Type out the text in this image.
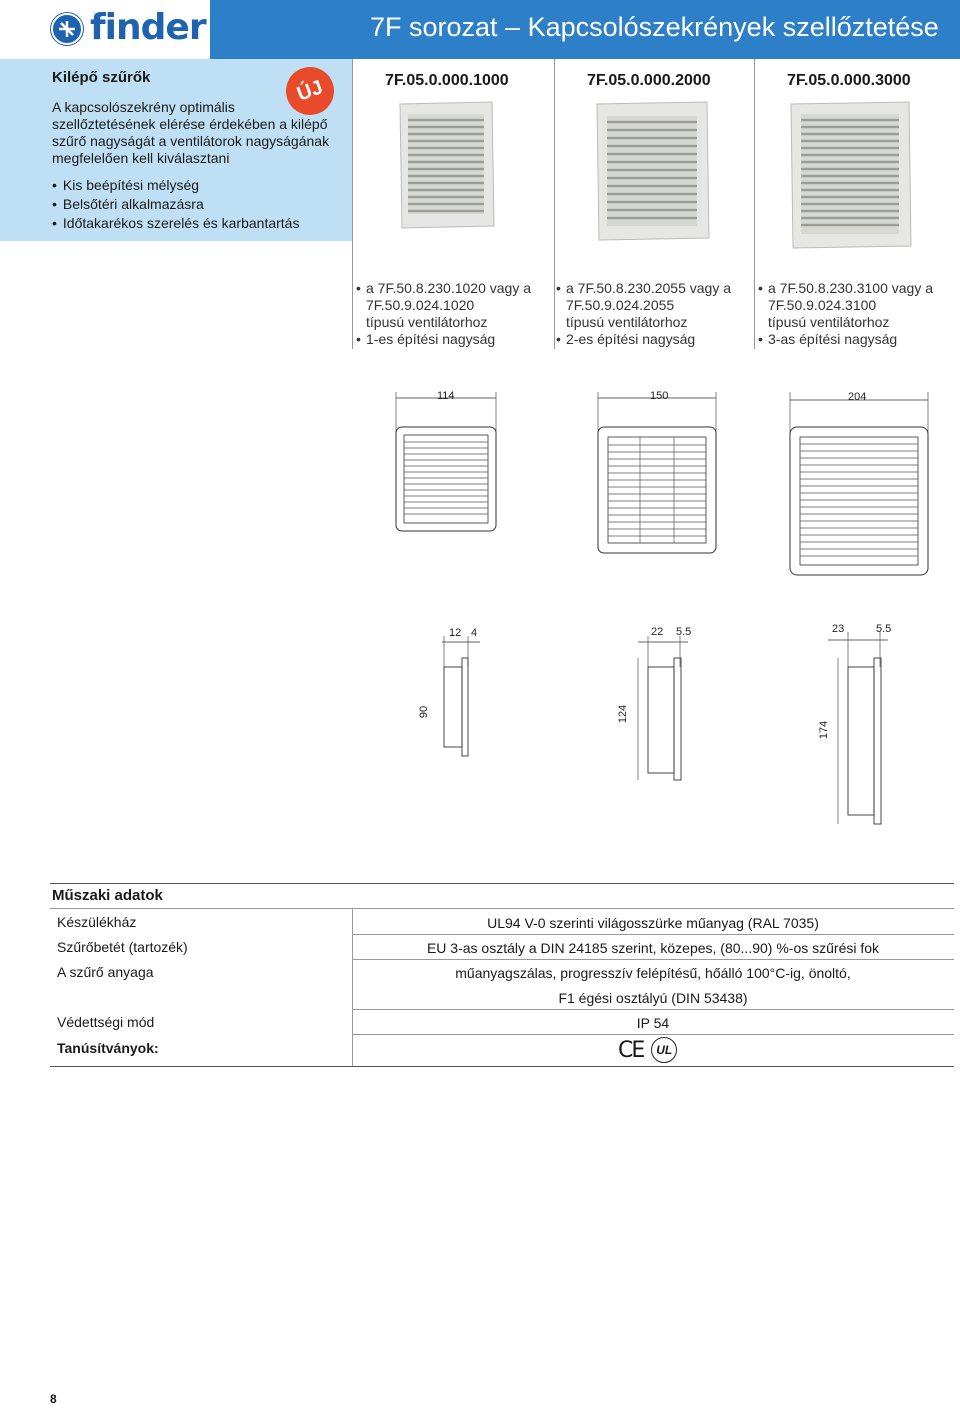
finder	7F sorozat – Kapcsolószekrények szellőztetése
Kilépő szűrők	ÚJ
A kapcsolószekrény optimális szellőztetésének elérése érdekében a kilépő szűrő nagyságát a ventilátorok nagyságának megfelelően kell kiválasztani
• Kis beépítési mélység
• Belsőtéri alkalmazásra
• Időtakarékos szerelés és karbantartás
7F.05.0.000.1000	7F.05.0.000.2000	7F.05.0.000.3000
• a 7F.50.8.230.1020 vagy a
7F.50.9.024.1020
típusú ventilátorhoz
• 1-es építési nagyság
• a 7F.50.8.230.2055 vagy a
7F.50.9.024.2055
típusú ventilátorhoz
• 2-es építési nagyság
• a 7F.50.8.230.3100 vagy a
7F.50.9.024.3100
típusú ventilátorhoz
• 3-as építési nagyság
114	150	204
12 4
90
22 5.5
124
23	5.5
174
Műszaki adatok
Készülékház	UL94 V-0 szerinti világosszürke műanyag (RAL 7035)
Szűrőbetét (tartozék)	EU 3-as osztály a DIN 24185 szerint, közepes, (80...90) %-os szűrési fok
A szűrő anyaga	műanyagszálas, progresszív felépítésű, hőálló 100°C-ig, önoltó,
F1 égési osztályú (DIN 53438)
Védettségi mód	IP 54
Tanúsítványok:	CE	UL
8
